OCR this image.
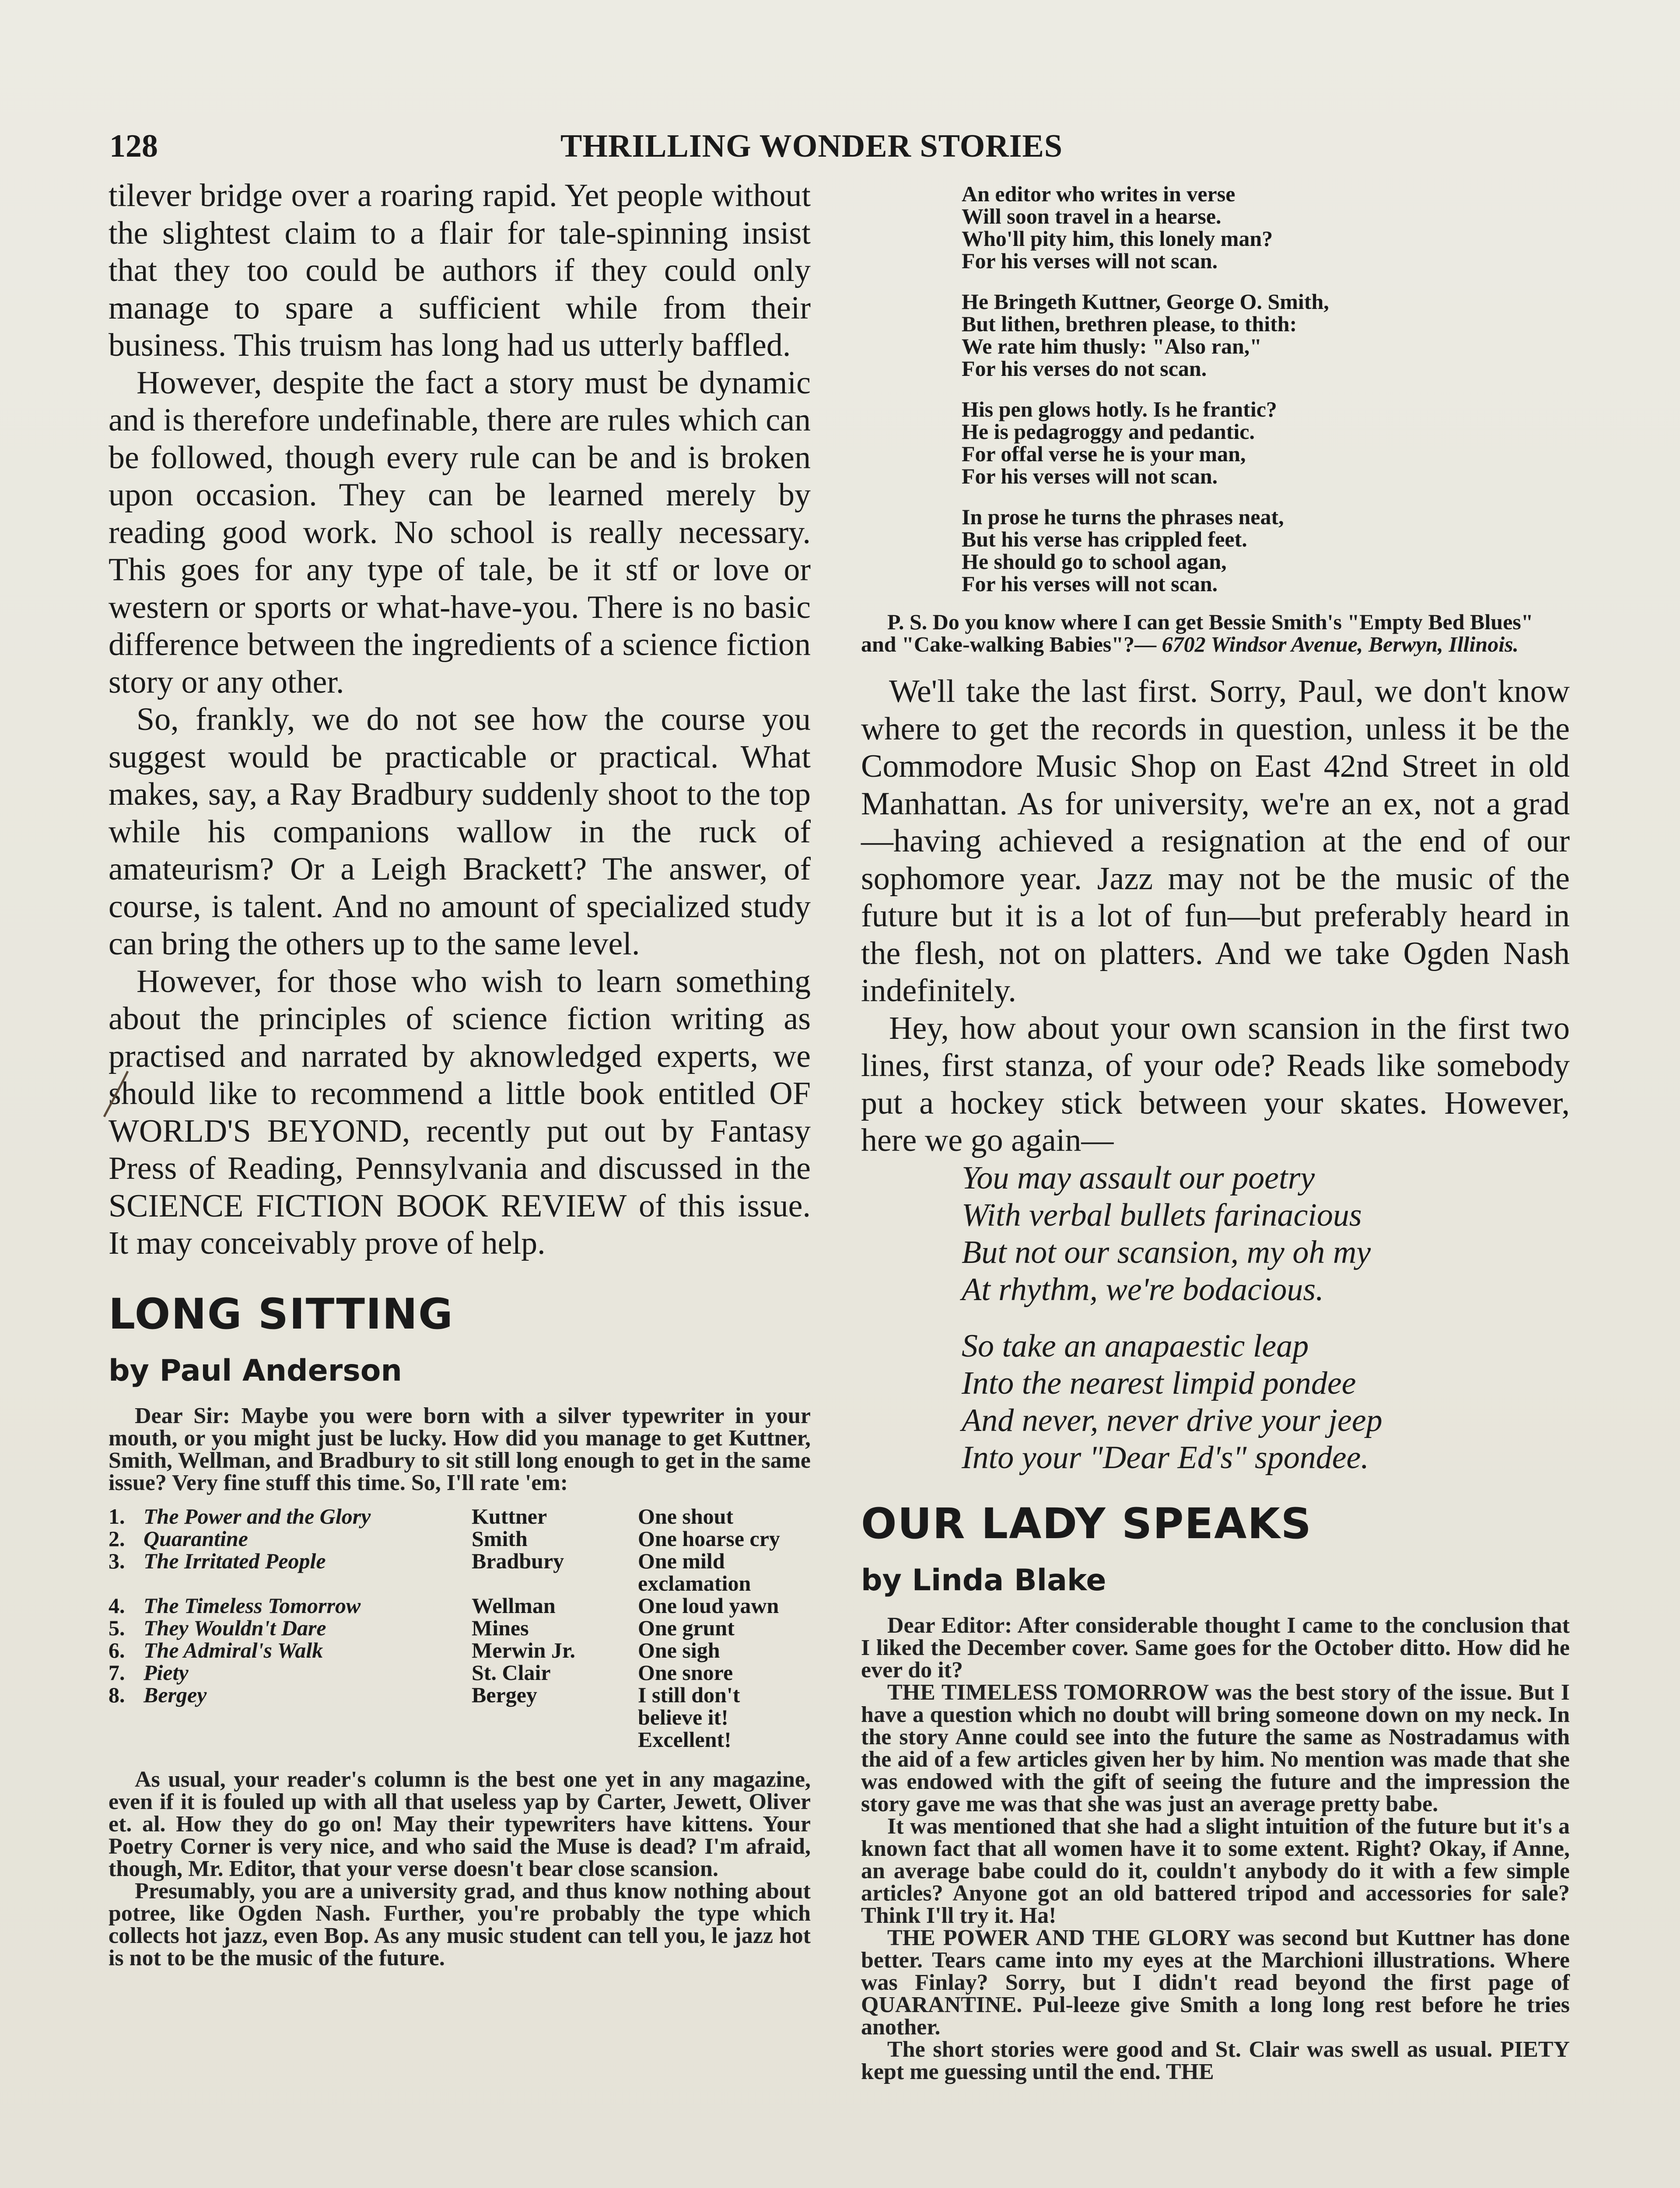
128	THRILLING WONDER STORIES

tilever bridge over a roaring rapid. Yet people without the slightest claim to a flair for tale-spinning insist that they too could be authors if they could only manage to spare a sufficient while from their business. This truism has long had us utterly baffled.

However, despite the fact a story must be dynamic and is therefore undefinable, there are rules which can be followed, though every rule can be and is broken upon occasion. They can be learned merely by reading good work. No school is really necessary. This goes for any type of tale, be it stf or love or western or sports or what-have-you. There is no basic difference between the ingredients of a science fiction story or any other.

So, frankly, we do not see how the course you suggest would be practicable or practical. What makes, say, a Ray Bradbury suddenly shoot to the top while his companions wallow in the ruck of amateurism? Or a Leigh Brackett? The answer, of course, is talent. And no amount of specialized study can bring the others up to the same level.

However, for those who wish to learn something about the principles of science fiction writing as practised and narrated by aknowledged experts, we should like to recommend a little book entitled OF WORLD'S BEYOND, recently put out by Fantasy Press of Reading, Pennsylvania and discussed in the SCIENCE FICTION BOOK REVIEW of this issue. It may conceivably prove of help.

LONG SITTING

by Paul Anderson

Dear Sir: Maybe you were born with a silver typewriter in your mouth, or you might just be lucky. How did you manage to get Kuttner, Smith, Wellman, and Bradbury to sit still long enough to get in the same issue? Very fine stuff this time. So, I'll rate 'em:

1. The Power and the Glory	Kuttner	One shout
2. Quarantine	Smith	One hoarse cry
3. The Irritated People	Bradbury	One mild exclamation
4. The Timeless Tomorrow	Wellman	One loud yawn
5. They Wouldn't Dare	Mines	One grunt
6. The Admiral's Walk	Merwin Jr.	One sigh
7. Piety	St. Clair	One snore
8. Bergey	Bergey	I still don't believe it! Excellent!

As usual, your reader's column is the best one yet in any magazine, even if it is fouled up with all that useless yap by Carter, Jewett, Oliver et. al. How they do go on! May their typewriters have kittens. Your Poetry Corner is very nice, and who said the Muse is dead? I'm afraid, though, Mr. Editor, that your verse doesn't bear close scansion.

Presumably, you are a university grad, and thus know nothing about potree, like Ogden Nash. Further, you're probably the type which collects hot jazz, even Bop. As any music student can tell you, le jazz hot is not to be the music of the future.

An editor who writes in verse
Will soon travel in a hearse.
Who'll pity him, this lonely man?
For his verses will not scan.
He Bringeth Kuttner, George O. Smith,
But lithen, brethren please, to thith:
We rate him thusly: "Also ran,"
For his verses do not scan.
His pen glows hotly. Is he frantic?
He is pedagroggy and pedantic.
For offal verse he is your man,
For his verses will not scan.
In prose he turns the phrases neat,
But his verse has crippled feet.
He should go to school agan,
For his verses will not scan.

P. S. Do you know where I can get Bessie Smith's "Empty Bed Blues" and "Cake-walking Babies"?— 6702 Windsor Avenue, Berwyn, Illinois.

We'll take the last first. Sorry, Paul, we don't know where to get the records in question, unless it be the Commodore Music Shop on East 42nd Street in old Manhattan. As for university, we're an ex, not a grad—having achieved a resignation at the end of our sophomore year. Jazz may not be the music of the future but it is a lot of fun—but preferably heard in the flesh, not on platters. And we take Ogden Nash indefinitely.

Hey, how about your own scansion in the first two lines, first stanza, of your ode? Reads like somebody put a hockey stick between your skates. However, here we go again—

You may assault our poetry
With verbal bullets farinacious
But not our scansion, my oh my
At rhythm, we're bodacious.
So take an anapaestic leap
Into the nearest limpid pondee
And never, never drive your jeep
Into your "Dear Ed's" spondee.
OUR LADY SPEAKS

by Linda Blake

Dear Editor: After considerable thought I came to the conclusion that I liked the December cover. Same goes for the October ditto. How did he ever do it?

THE TIMELESS TOMORROW was the best story of the issue. But I have a question which no doubt will bring someone down on my neck. In the story Anne could see into the future the same as Nostradamus with the aid of a few articles given her by him. No mention was made that she was endowed with the gift of seeing the future and the impression the story gave me was that she was just an average pretty babe.

It was mentioned that she had a slight intuition of the future but it's a known fact that all women have it to some extent. Right? Okay, if Anne, an average babe could do it, couldn't anybody do it with a few simple articles? Anyone got an old battered tripod and accessories for sale? Think I'll try it. Ha!

THE POWER AND THE GLORY was second but Kuttner has done better. Tears came into my eyes at the Marchioni illustrations. Where was Finlay? Sorry, but I didn't read beyond the first page of QUARANTINE. Pul-leeze give Smith a long long rest before he tries another.

The short stories were good and St. Clair was swell as usual. PIETY kept me guessing until the end. THE
